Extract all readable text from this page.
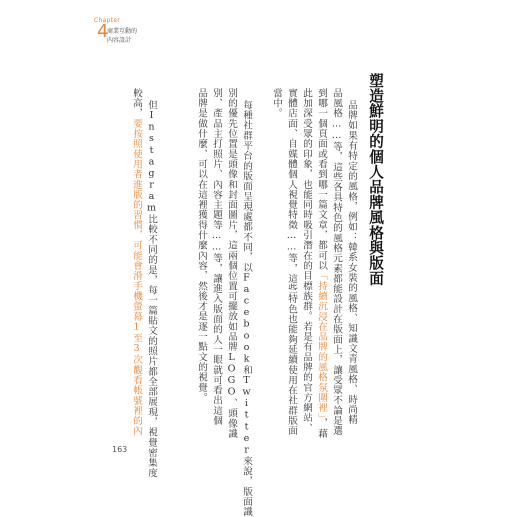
Chapter
4
商業互動的
內容設計
塑造鮮明的個人品牌風格與版面
品牌如果有特定的風格，例如：韓系女裝的風格、知識文青風格、時尚精
品風格……等，這些各具特色的風格元素都能設計在版面上，讓受眾不論是選
到哪一個頁面或看到哪一篇文章，都可以「持續沉浸在品牌的風格氛圍裡」，藉
此加深受眾的印象，也能同時吸引潛在的目標族群。若是有品牌的官方網站、
實體店面、自媒體個人視覺特徵……等，這些特色也能夠延續使用在社群版面
當中。
每種社群平台的版面呈現處都不同，以Facebook和Twitter來說，版面識
別的優先位置是頭像和封面圖片，這兩個位置可擺放如品牌LOGO、頭像識
別、產品主打照片、內容主題等……等，讓進入版面的人一眼就可看出這個
品牌是做什麼、可以在這裡獲得什麼內容，然後才是逐一點文的視覺。
但Instagram比較不同的是，每一篇貼文的照片都全部展現，視覺密集度
較高，要按照使用者進版的習慣，可能會滑手機螢幕1至3次觀看帳號裡的內
163
